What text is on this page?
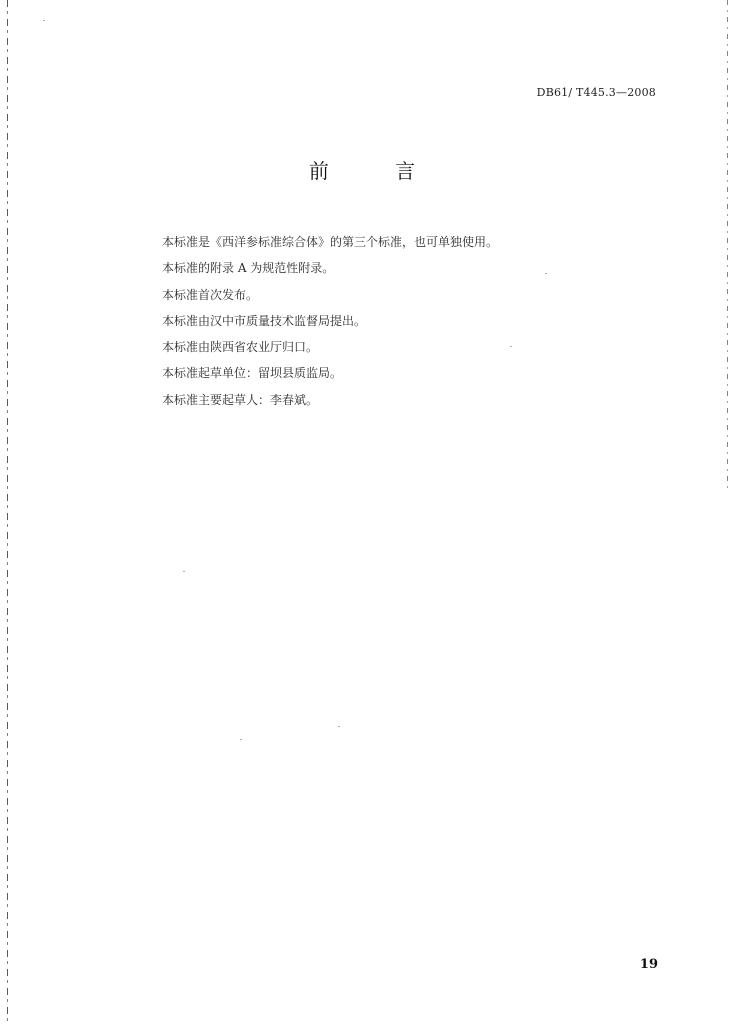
DB61/ T445.3—2008
前 言
本标准是《西洋参标准综合体》的第三个标准，也可单独使用。
本标准的附录 A 为规范性附录。
本标准首次发布。
本标准由汉中市质量技术监督局提出。
本标准由陕西省农业厅归口。
本标准起草单位：留坝县质监局。
本标准主要起草人：李春斌。
19
